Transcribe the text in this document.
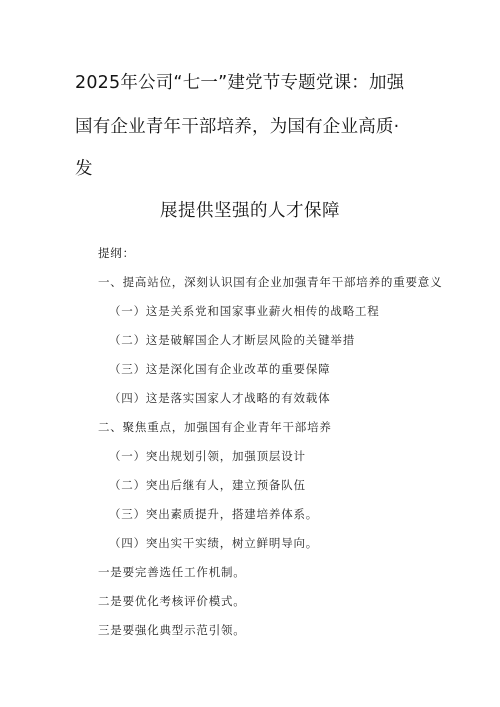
2025年公司“七一”建党节专题党课：加强
国有企业青年干部培养，为国有企业高质·
发
展提供坚强的人才保障
提纲：
一、提高站位，深刻认识国有企业加强青年干部培养的重要意义
（一）这是关系党和国家事业薪火相传的战略工程
（二）这是破解国企人才断层风险的关键举措
（三）这是深化国有企业改革的重要保障
（四）这是落实国家人才战略的有效载体
二、聚焦重点，加强国有企业青年干部培养
（一）突出规划引领，加强顶层设计
（二）突出后继有人，建立预备队伍
（三）突出素质提升，搭建培养体系。
（四）突出实干实绩，树立鲜明导向。
一是要完善选任工作机制。
二是要优化考核评价模式。
三是要强化典型示范引领。
